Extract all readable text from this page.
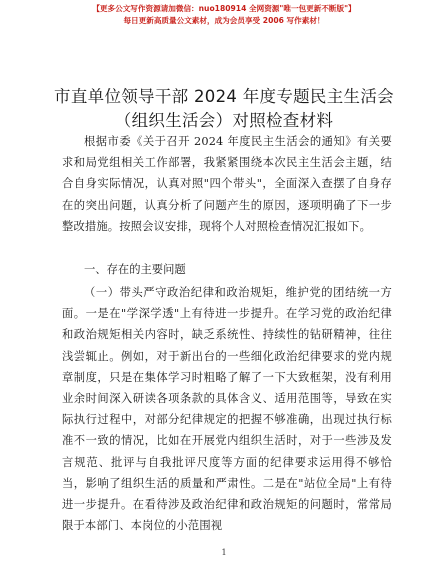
【更多公文写作资源请加微信：nuo180914 全网资源"唯一包更新不断版"】
每日更新高质量公文素材，成为会员享受 2006 写作素材！
市直单位领导干部 2024 年度专题民主生活会
（组织生活会）对照检查材料
根据市委《关于召开 2024 年度民主生活会的通知》有关要求和局党组相关工作部署，我紧紧围绕本次民主生活会主题，结合自身实际情况，认真对照"四个带头"，全面深入查摆了自身存在的突出问题，认真分析了问题产生的原因，逐项明确了下一步整改措施。按照会议安排，现将个人对照检查情况汇报如下。
一、存在的主要问题
（一）带头严守政治纪律和政治规矩，维护党的团结统一方面。一是在"学深学透"上有待进一步提升。在学习党的政治纪律和政治规矩相关内容时，缺乏系统性、持续性的钻研精神，往往浅尝辄止。例如，对于新出台的一些细化政治纪律要求的党内规章制度，只是在集体学习时粗略了解了一下大致框架，没有利用业余时间深入研读各项条款的具体含义、适用范围等，导致在实际执行过程中，对部分纪律规定的把握不够准确，出现过执行标准不一致的情况，比如在开展党内组织生活时，对于一些涉及发言规范、批评与自我批评尺度等方面的纪律要求运用得不够恰当，影响了组织生活的质量和严肃性。二是在"站位全局"上有待进一步提升。在看待涉及政治纪律和政治规矩的问题时，常常局限于本部门、本岗位的小范围视
1
